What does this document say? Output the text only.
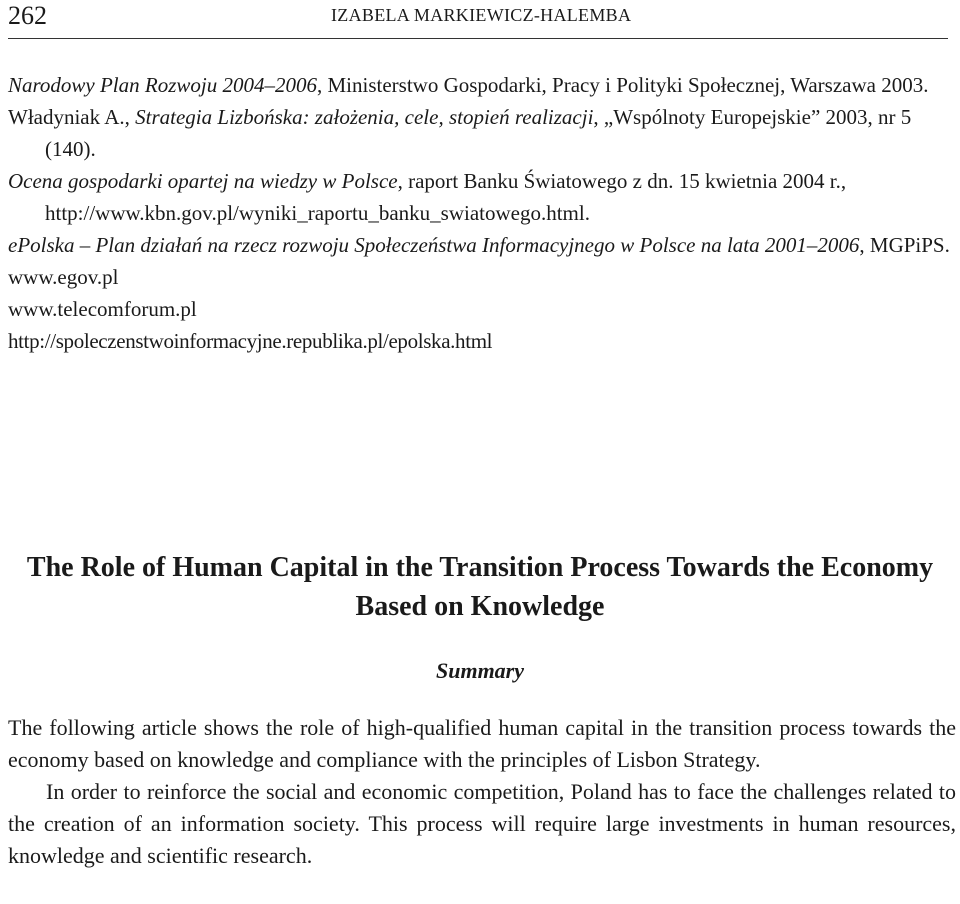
262	IZABELA MARKIEWICZ-HALEMBA

Narodowy Plan Rozwoju 2004–2006, Ministerstwo Gospodarki, Pracy i Polityki Społecznej, Warszawa 2003.

Władyniak A., Strategia Lizbońska: założenia, cele, stopień realizacji, „Wspólnoty Europejskie” 2003, nr 5 (140).

Ocena gospodarki opartej na wiedzy w Polsce, raport Banku Światowego z dn. 15 kwietnia 2004 r., http://www.kbn.gov.pl/wyniki_raportu_banku_swiatowego.html.

ePolska – Plan działań na rzecz rozwoju Społeczeństwa Informacyjnego w Polsce na lata 2001–2006, MGPiPS.

www.egov.pl

www.telecomforum.pl

http://spoleczenstwoinformacyjne.republika.pl/epolska.html

The Role of Human Capital in the Transition Process Towards the Economy Based on Knowledge
Summary

The following article shows the role of high-qualified human capital in the transition process towards the economy based on knowledge and compliance with the principles of Lisbon Strategy.

In order to reinforce the social and economic competition, Poland has to face the challenges related to the creation of an information society. This process will require large investments in human resources, knowledge and scientific research.
